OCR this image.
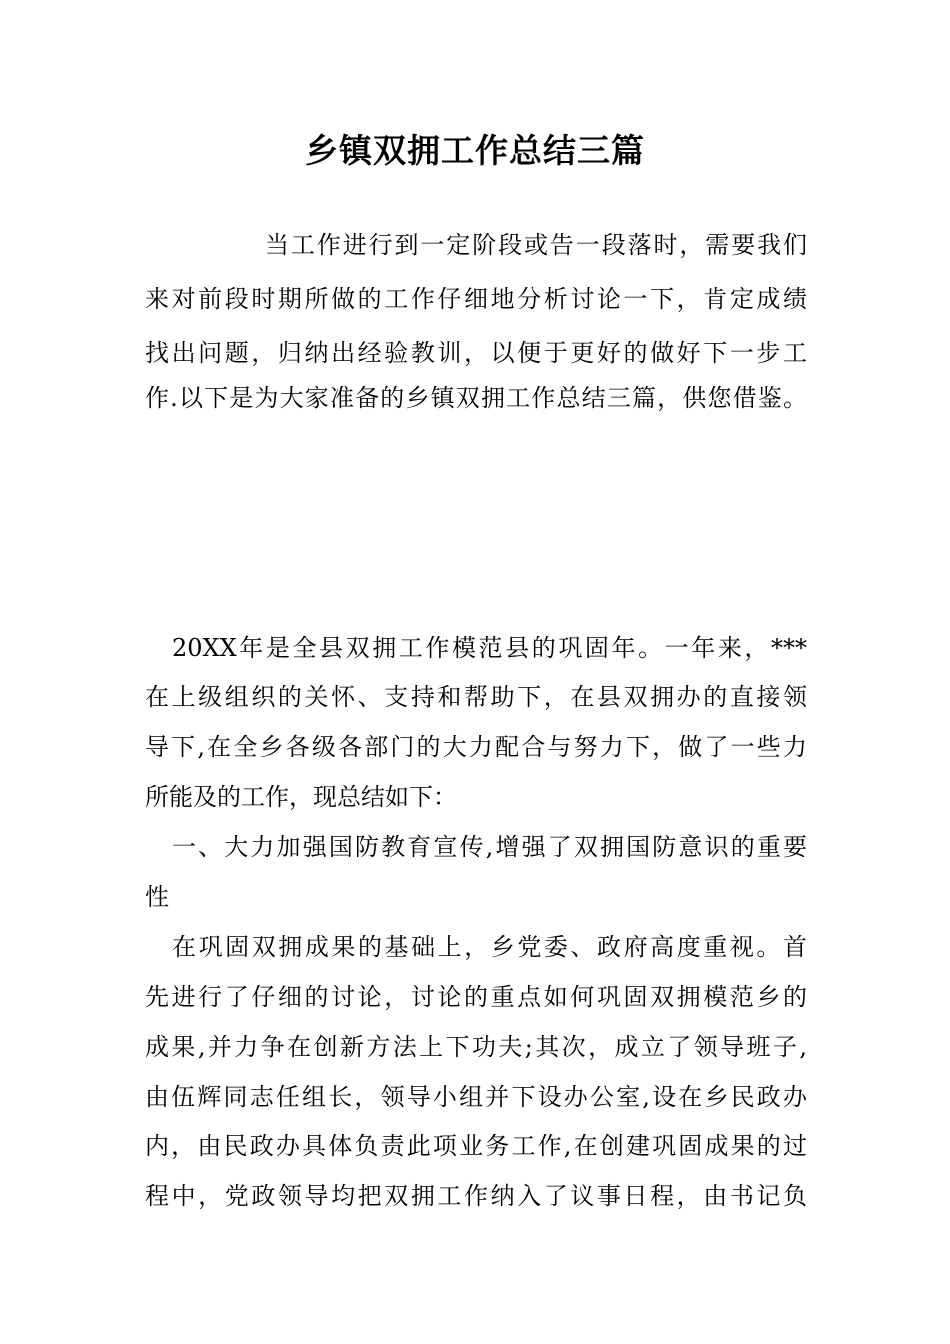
乡镇双拥工作总结三篇

当工作进行到一定阶段或告一段落时，需要我们

来对前段时期所做的工作仔细地分析讨论一下，肯定成绩

找出问题，归纳出经验教训，以便于更好的做好下一步工

作.以下是为大家准备的乡镇双拥工作总结三篇，供您借鉴。

20XX年是全县双拥工作模范县的巩固年。一年来，***

在上级组织的关怀、支持和帮助下，在县双拥办的直接领

导下,在全乡各级各部门的大力配合与努力下，做了一些力

所能及的工作，现总结如下：

一、大力加强国防教育宣传,增强了双拥国防意识的重要

性

在巩固双拥成果的基础上，乡党委、政府高度重视。首

先进行了仔细的讨论，讨论的重点如何巩固双拥模范乡的

成果,并力争在创新方法上下功夫;其次，成立了领导班子,

由伍辉同志任组长，领导小组并下设办公室,设在乡民政办

内，由民政办具体负责此项业务工作,在创建巩固成果的过

程中，党政领导均把双拥工作纳入了议事日程，由书记负
